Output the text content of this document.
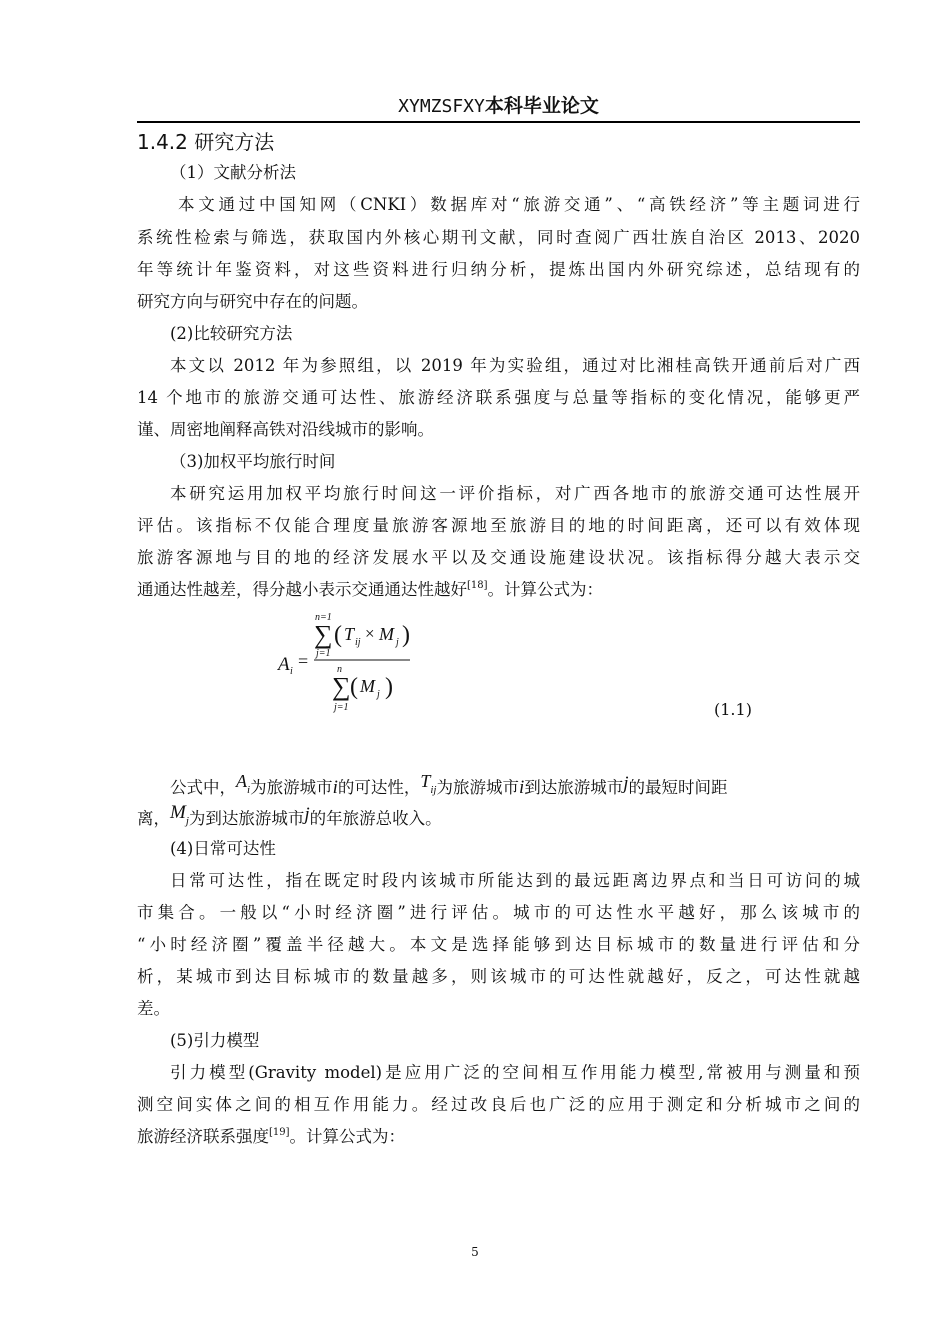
XYMZSFXY本科毕业论文
1.4.2 研究方法
（1）文献分析法
本文通过中国知网（CNKI）数据库对“旅游交通”、“高铁经济”等主题词进行
系统性检索与筛选，获取国内外核心期刊文献，同时查阅广西壮族自治区 2013、2020
年等统计年鉴资料，对这些资料进行归纳分析，提炼出国内外研究综述，总结现有的
研究方向与研究中存在的问题。
(2)比较研究方法
本文以 2012 年为参照组，以 2019 年为实验组，通过对比湘桂高铁开通前后对广西
14 个地市的旅游交通可达性、旅游经济联系强度与总量等指标的变化情况，能够更严
谨、周密地阐释高铁对沿线城市的影响。
（3)加权平均旅行时间
本研究运用加权平均旅行时间这一评价指标，对广西各地市的旅游交通可达性展开
评估。该指标不仅能合理度量旅游客源地至旅游目的地的时间距离，还可以有效体现
旅游客源地与目的地的经济发展水平以及交通设施建设状况。该指标得分越大表示交
通通达性越差，得分越小表示交通通达性越好[18]。计算公式为：
A i
=
n=1
∑
j=1
( T ij × M j )
n
∑
j=1
( M j )
(1.1)
公式中，Ai为旅游城市i的可达性，Tij为旅游城市i到达旅游城市j的最短时间距
离，Mj为到达旅游城市j的年旅游总收入。
(4)日常可达性
日常可达性，指在既定时段内该城市所能达到的最远距离边界点和当日可访问的城
市集合。一般以“小时经济圈”进行评估。城市的可达性水平越好，那么该城市的
“小时经济圈”覆盖半径越大。本文是选择能够到达目标城市的数量进行评估和分
析，某城市到达目标城市的数量越多，则该城市的可达性就越好，反之，可达性就越
差。
(5)引力模型
引力模型(Gravity model)是应用广泛的空间相互作用能力模型,常被用与测量和预
测空间实体之间的相互作用能力。经过改良后也广泛的应用于测定和分析城市之间的
旅游经济联系强度[19]。计算公式为：
5
